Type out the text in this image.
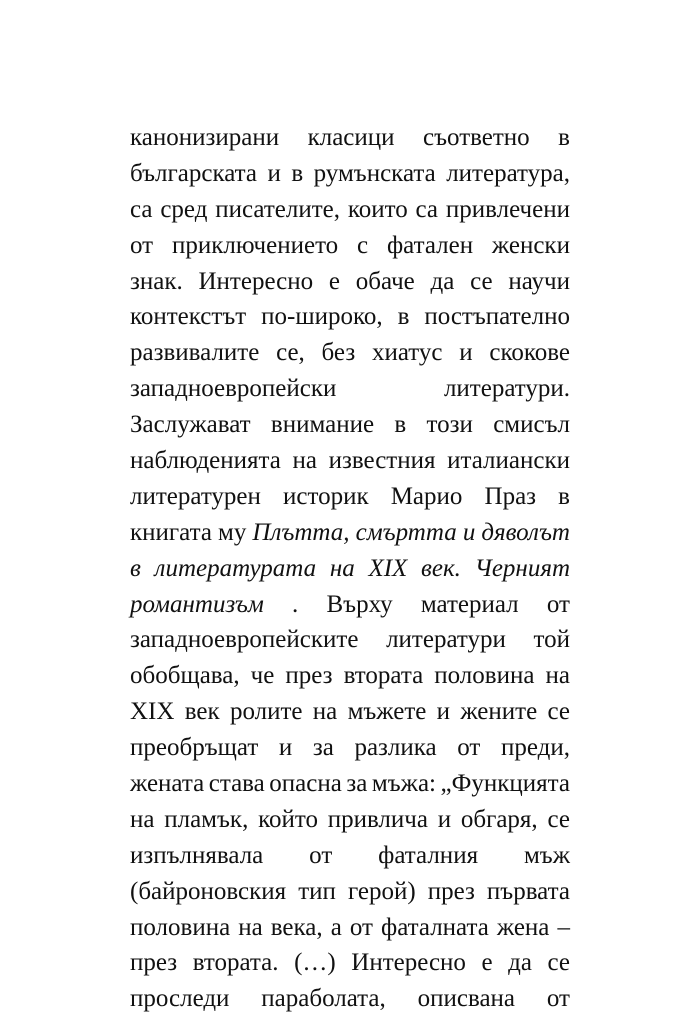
канонизирани класици съответно в
българската и в румънската литература,
са сред писателите, които са привлечени
от приключението с фатален женски
знак. Интересно е обаче да се научи
контекстът по-широко, в постъпателно
развивалите се, без хиатус и скокове
западноевропейски	литератури.
Заслужават внимание в този смисъл
наблюденията на известния италиански
литературен историк Марио Праз в
книгата му Плътта, смъртта и дяволът
в литературата на XIX век. Черният
романтизъм . Върху материал от
западноевропейските литератури той
обобщава, че през втората половина на
XIX век ролите на мъжете и жените се
преобръщат и за разлика от преди,
жената става опасна за мъжа: „Функцията
на пламък, който привлича и обгаря, се
изпълнявала от фаталния мъж
(байроновския тип герой) през първата
половина на века, а от фаталната жена –
през втората. (…) Интересно е да се
проследи параболата, описвана от
